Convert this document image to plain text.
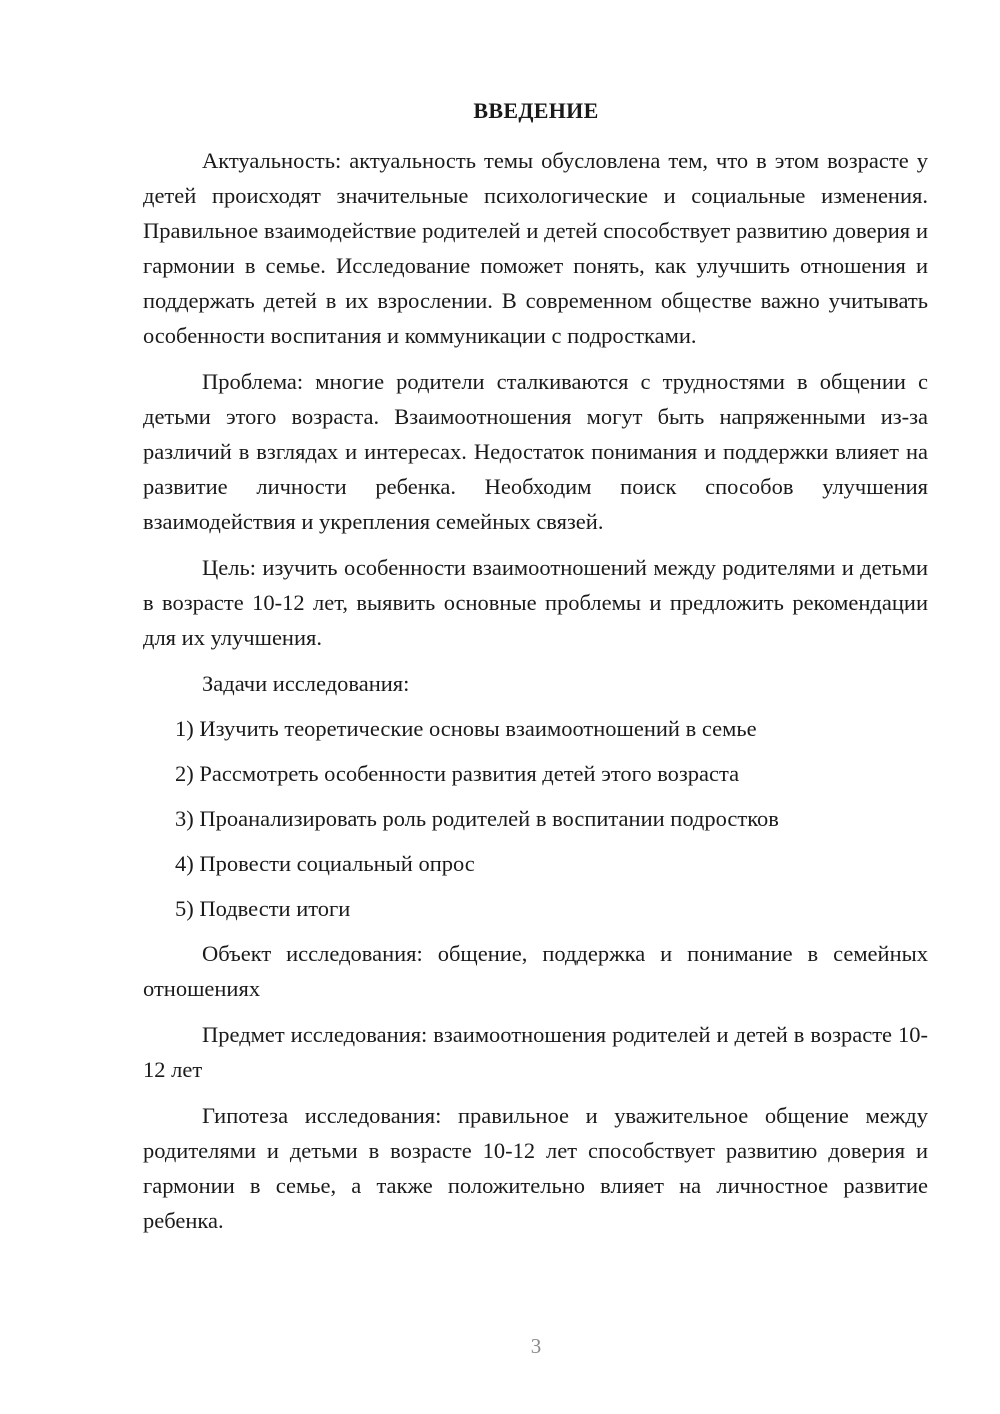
ВВЕДЕНИЕ

Актуальность: актуальность темы обусловлена тем, что в этом возрасте у детей происходят значительные психологические и социальные изменения. Правильное взаимодействие родителей и детей способствует развитию доверия и гармонии в семье. Исследование поможет понять, как улучшить отношения и поддержать детей в их взрослении. В современном обществе важно учитывать особенности воспитания и коммуникации с подростками.

Проблема: многие родители сталкиваются с трудностями в общении с детьми этого возраста. Взаимоотношения могут быть напряженными из-за различий в взглядах и интересах. Недостаток понимания и поддержки влияет на развитие личности ребенка. Необходим поиск способов улучшения взаимодействия и укрепления семейных связей.

Цель: изучить особенности взаимоотношений между родителями и детьми в возрасте 10-12 лет, выявить основные проблемы и предложить рекомендации для их улучшения.

Задачи исследования:

1) Изучить теоретические основы взаимоотношений в семье

2) Рассмотреть особенности развития детей этого возраста

3) Проанализировать роль родителей в воспитании подростков

4) Провести социальный опрос

5) Подвести итоги

Объект исследования: общение, поддержка и понимание в семейных отношениях

Предмет исследования: взаимоотношения родителей и детей в возрасте 10-12 лет

Гипотеза исследования: правильное и уважительное общение между родителями и детьми в возрасте 10-12 лет способствует развитию доверия и гармонии в семье, а также положительно влияет на личностное развитие ребенка.

3
